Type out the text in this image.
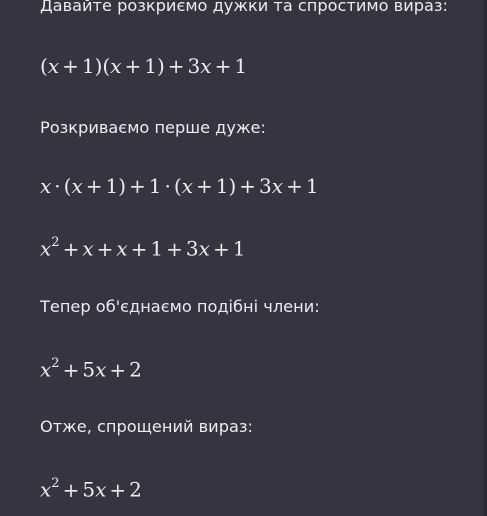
Давайте розкриємо дужки та спростимо вираз:

(x + 1)(x + 1) + 3x + 1

Розкриваємо перше дуже:

x · (x + 1) + 1 · (x + 1) + 3x + 1

$x^2 + x + x + 1 + 3x + 1$

Тепер об'єднаємо подібні члени:

$x^2 + 5x + 2$

Отже, спрощений вираз:

$x^2 + 5x + 2$
